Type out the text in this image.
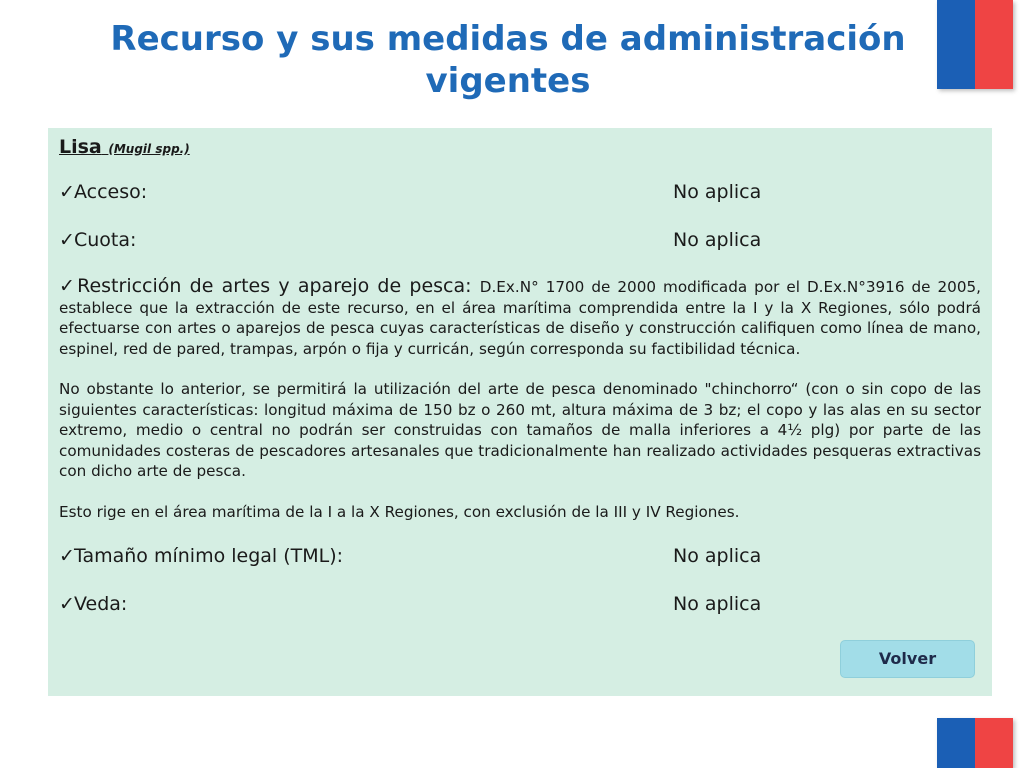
Recurso y sus medidas de administración vigentes
Lisa (Mugil spp.)
✓ Acceso:	No aplica
✓ Cuota:	No aplica

✓Restricción de artes y aparejo de pesca: D.Ex.N° 1700 de 2000 modificada por el D.Ex.N°3916 de 2005, establece que la extracción de este recurso, en el área marítima comprendida entre la I y la X Regiones, sólo podrá efectuarse con artes o aparejos de pesca cuyas características de diseño y construcción califiquen como línea de mano, espinel, red de pared, trampas, arpón o fija y curricán, según corresponda su factibilidad técnica.

No obstante lo anterior, se permitirá la utilización del arte de pesca denominado "chinchorro“ (con o sin copo de las siguientes características: longitud máxima de 150 bz o 260 mt, altura máxima de 3 bz; el copo y las alas en su sector extremo, medio o central no podrán ser construidas con tamaños de malla inferiores a 4½ plg) por parte de las comunidades costeras de pescadores artesanales que tradicionalmente han realizado actividades pesqueras extractivas con dicho arte de pesca.

Esto rige en el área marítima de la I a la X Regiones, con exclusión de la III y IV Regiones.

✓ Tamaño mínimo legal (TML):	No aplica
✓ Veda:	No aplica
Volver
